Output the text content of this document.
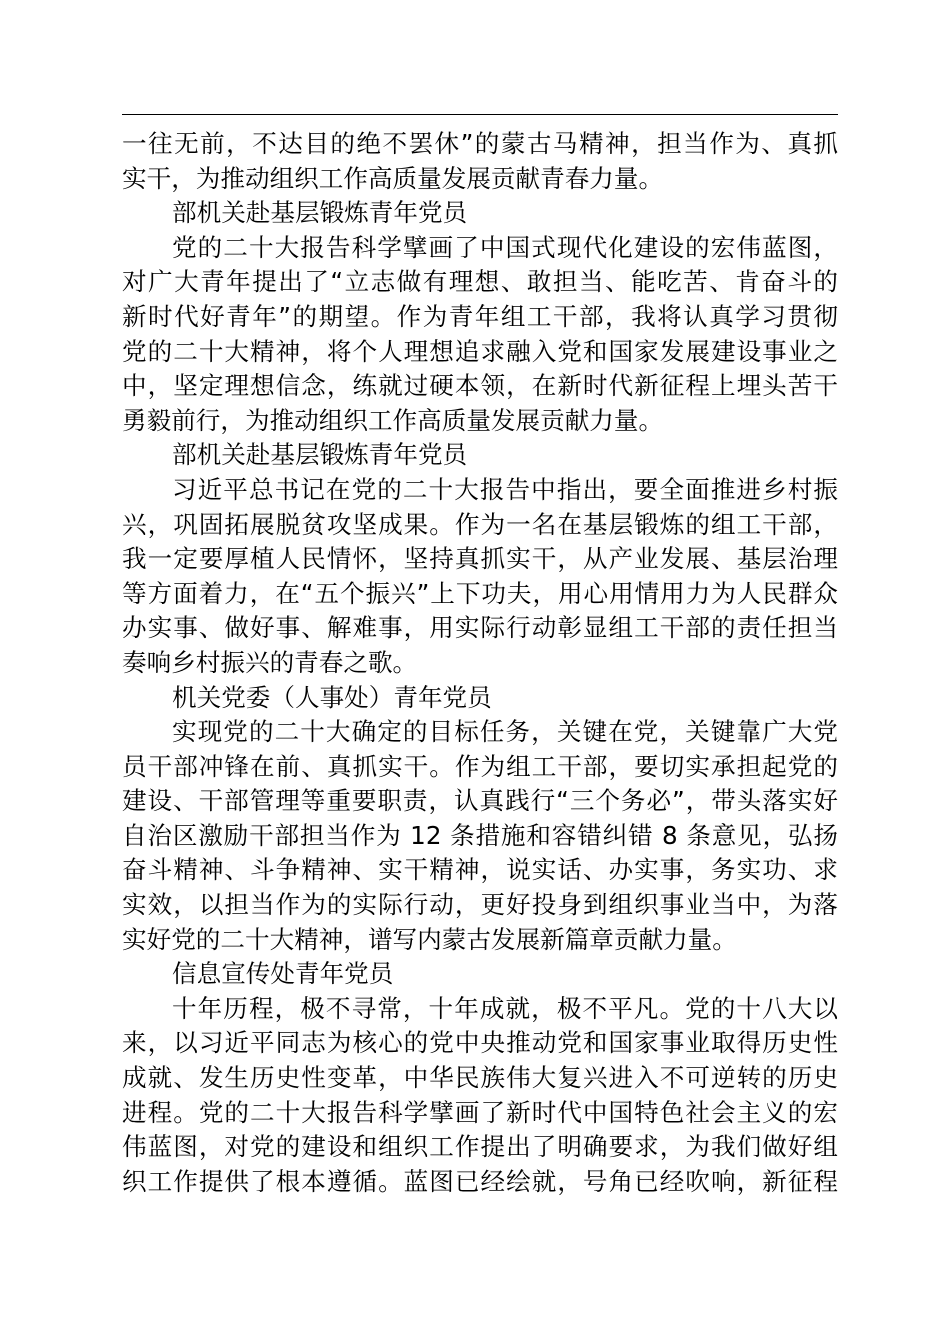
一往无前，不达目的绝不罢休”的蒙古马精神，担当作为、真抓
实干，为推动组织工作高质量发展贡献青春力量。
部机关赴基层锻炼青年党员
党的二十大报告科学擘画了中国式现代化建设的宏伟蓝图，
对广大青年提出了“立志做有理想、敢担当、能吃苦、肯奋斗的
新时代好青年”的期望。作为青年组工干部，我将认真学习贯彻
党的二十大精神，将个人理想追求融入党和国家发展建设事业之
中，坚定理想信念，练就过硬本领，在新时代新征程上埋头苦干
勇毅前行，为推动组织工作高质量发展贡献力量。
部机关赴基层锻炼青年党员
习近平总书记在党的二十大报告中指出，要全面推进乡村振
兴，巩固拓展脱贫攻坚成果。作为一名在基层锻炼的组工干部，
我一定要厚植人民情怀，坚持真抓实干，从产业发展、基层治理
等方面着力，在“五个振兴”上下功夫，用心用情用力为人民群众
办实事、做好事、解难事，用实际行动彰显组工干部的责任担当
奏响乡村振兴的青春之歌。
机关党委（人事处）青年党员
实现党的二十大确定的目标任务，关键在党，关键靠广大党
员干部冲锋在前、真抓实干。作为组工干部，要切实承担起党的
建设、干部管理等重要职责，认真践行“三个务必”，带头落实好
自治区激励干部担当作为 12 条措施和容错纠错 8 条意见，弘扬
奋斗精神、斗争精神、实干精神，说实话、办实事，务实功、求
实效，以担当作为的实际行动，更好投身到组织事业当中，为落
实好党的二十大精神，谱写内蒙古发展新篇章贡献力量。
信息宣传处青年党员
十年历程，极不寻常，十年成就，极不平凡。党的十八大以
来，以习近平同志为核心的党中央推动党和国家事业取得历史性
成就、发生历史性变革，中华民族伟大复兴进入不可逆转的历史
进程。党的二十大报告科学擘画了新时代中国特色社会主义的宏
伟蓝图，对党的建设和组织工作提出了明确要求，为我们做好组
织工作提供了根本遵循。蓝图已经绘就，号角已经吹响，新征程
